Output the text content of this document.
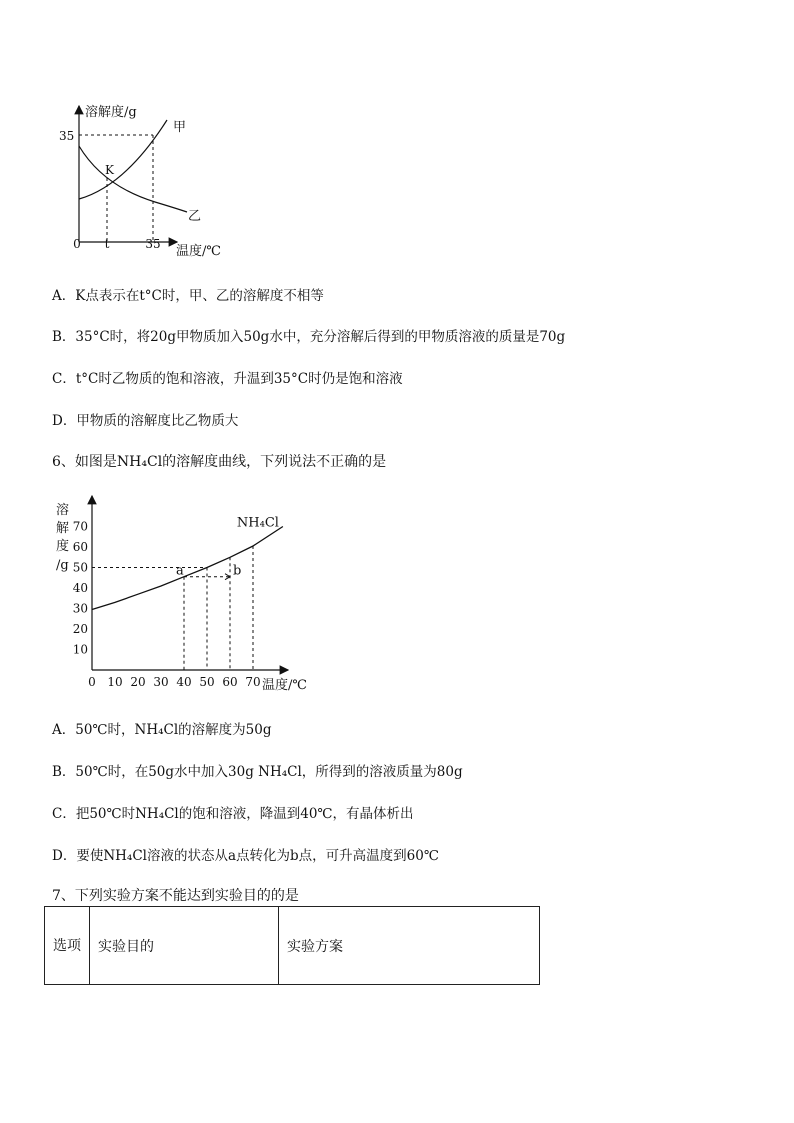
溶解度/g
35
0 t	35 温度/℃
甲
乙
K
A．K点表示在t°C时，甲、乙的溶解度不相等
B．35°C时，将20g甲物质加入50g水中，充分溶解后得到的甲物质溶液的质量是70g
C．t°C时乙物质的饱和溶液，升温到35°C时仍是饱和溶液
D．甲物质的溶解度比乙物质大
6、如图是NH₄Cl的溶解度曲线，下列说法不正确的是
溶
解
度
/g
温度/℃
0 10 20 30 40 50 60 70
10
20
30
40
50
60
70	NH₄Cl
a	b
A．50℃时，NH₄Cl的溶解度为50g
B．50℃时，在50g水中加入30g NH₄Cl，所得到的溶液质量为80g
C．把50℃时NH₄Cl的饱和溶液，降温到40℃，有晶体析出
D．要使NH₄Cl溶液的状态从a点转化为b点，可升高温度到60℃
7、下列实验方案不能达到实验目的的是
选项	实验目的	实验方案
